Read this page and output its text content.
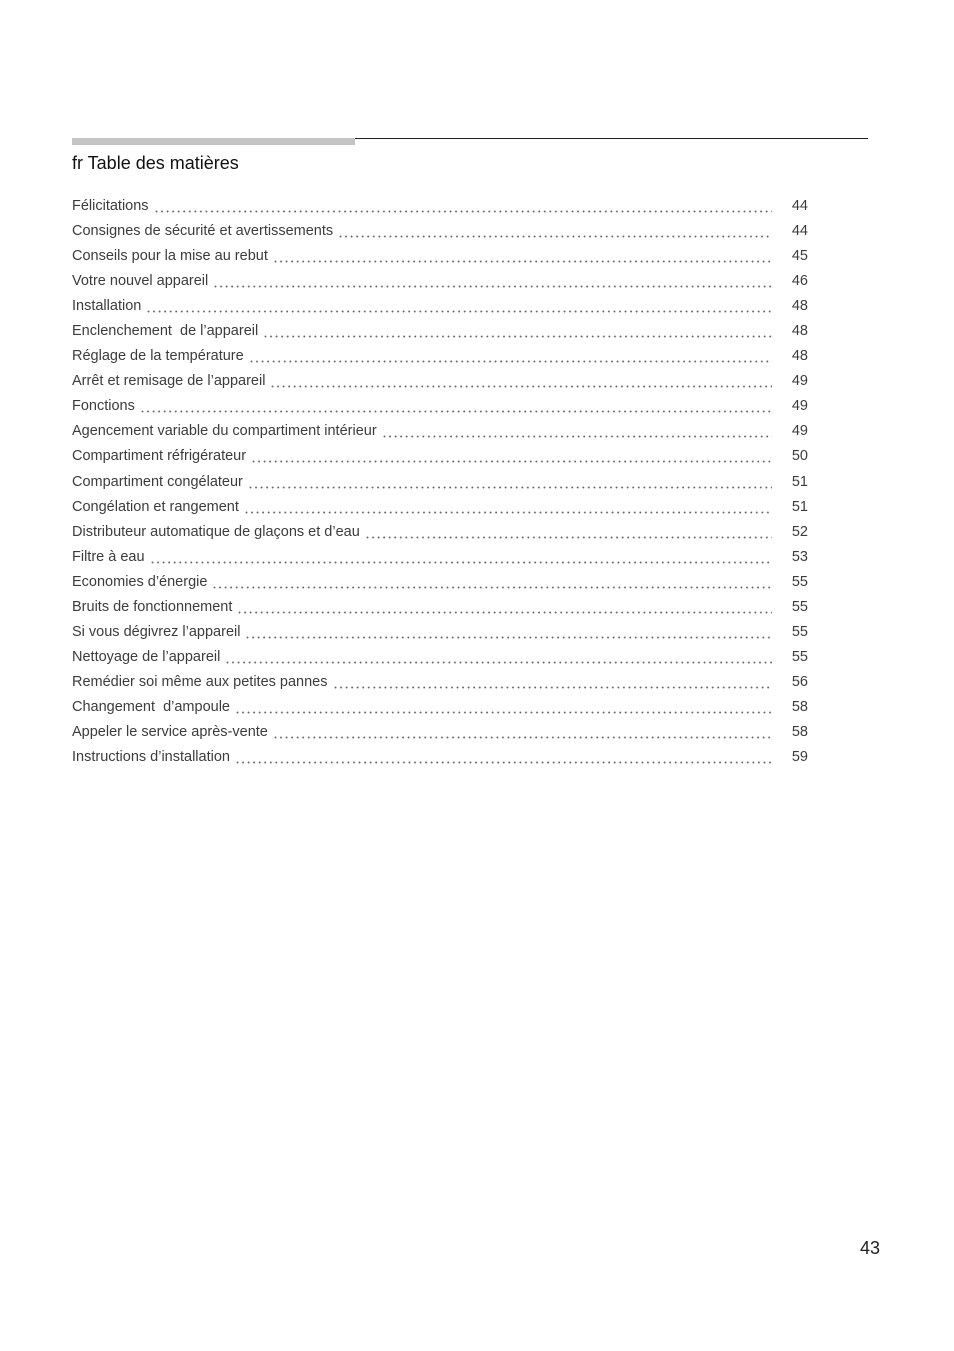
fr Table des matières
Félicitations	44
Consignes de sécurité et avertissements	44
Conseils pour la mise au rebut	45
Votre nouvel appareil	46
Installation	48
Enclenchement  de l’appareil	48
Réglage de la température	48
Arrêt et remisage de l’appareil	49
Fonctions	49
Agencement variable du compartiment intérieur	49
Compartiment réfrigérateur	50
Compartiment congélateur	51
Congélation et rangement	51
Distributeur automatique de glaçons et d’eau	52
Filtre à eau	53
Economies d’énergie	55
Bruits de fonctionnement	55
Si vous dégivrez l’appareil	55
Nettoyage de l’appareil	55
Remédier soi même aux petites pannes	56
Changement  d’ampoule	58
Appeler le service après-vente	58
Instructions d’installation	59
43
